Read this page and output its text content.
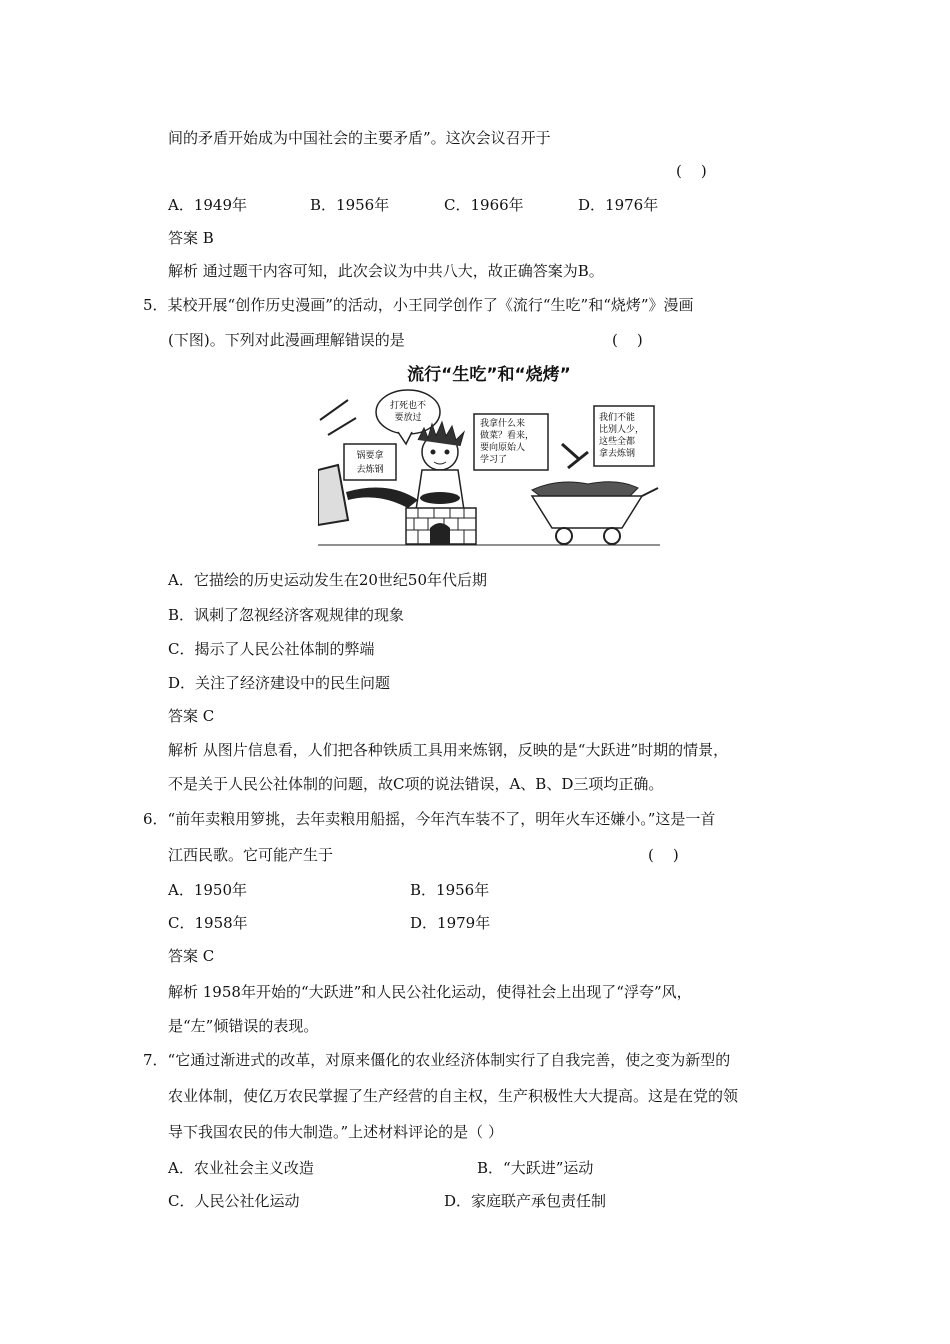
间的矛盾开始成为中国社会的主要矛盾”。这次会议召开于
(    )
A．1949年	B．1956年	C．1966年	D．1976年
答案 B
解析 通过题干内容可知，此次会议为中共八大，故正确答案为B。
5．某校开展“创作历史漫画”的活动，小王同学创作了《流行“生吃”和“烧烤”》漫画
(下图)。下列对此漫画理解错误的是	(    )
流行“生吃”和“烧烤”
打死也不
要放过
锅要拿
去炼钢
我拿什么来
做菜？看来，
要向原始人
学习了
我们不能
比别人少，
这些全都
拿去炼钢
A．它描绘的历史运动发生在20世纪50年代后期
B．讽刺了忽视经济客观规律的现象
C．揭示了人民公社体制的弊端
D．关注了经济建设中的民生问题
答案 C
解析 从图片信息看，人们把各种铁质工具用来炼钢，反映的是“大跃进”时期的情景，
不是关于人民公社体制的问题，故C项的说法错误，A、B、D三项均正确。
6．“前年卖粮用箩挑，去年卖粮用船摇，今年汽车装不了，明年火车还嫌小。”这是一首
江西民歌。它可能产生于	(    )
A．1950年	B．1956年
C．1958年	D．1979年
答案 C
解析 1958年开始的“大跃进”和人民公社化运动，使得社会上出现了“浮夸”风，
是“左”倾错误的表现。
7．“它通过渐进式的改革，对原来僵化的农业经济体制实行了自我完善，使之变为新型的
农业体制，使亿万农民掌握了生产经营的自主权，生产积极性大大提高。这是在党的领
导下我国农民的伟大制造。”上述材料评论的是（ ）
A．农业社会主义改造	B．“大跃进”运动
C．人民公社化运动	D．家庭联产承包责任制
